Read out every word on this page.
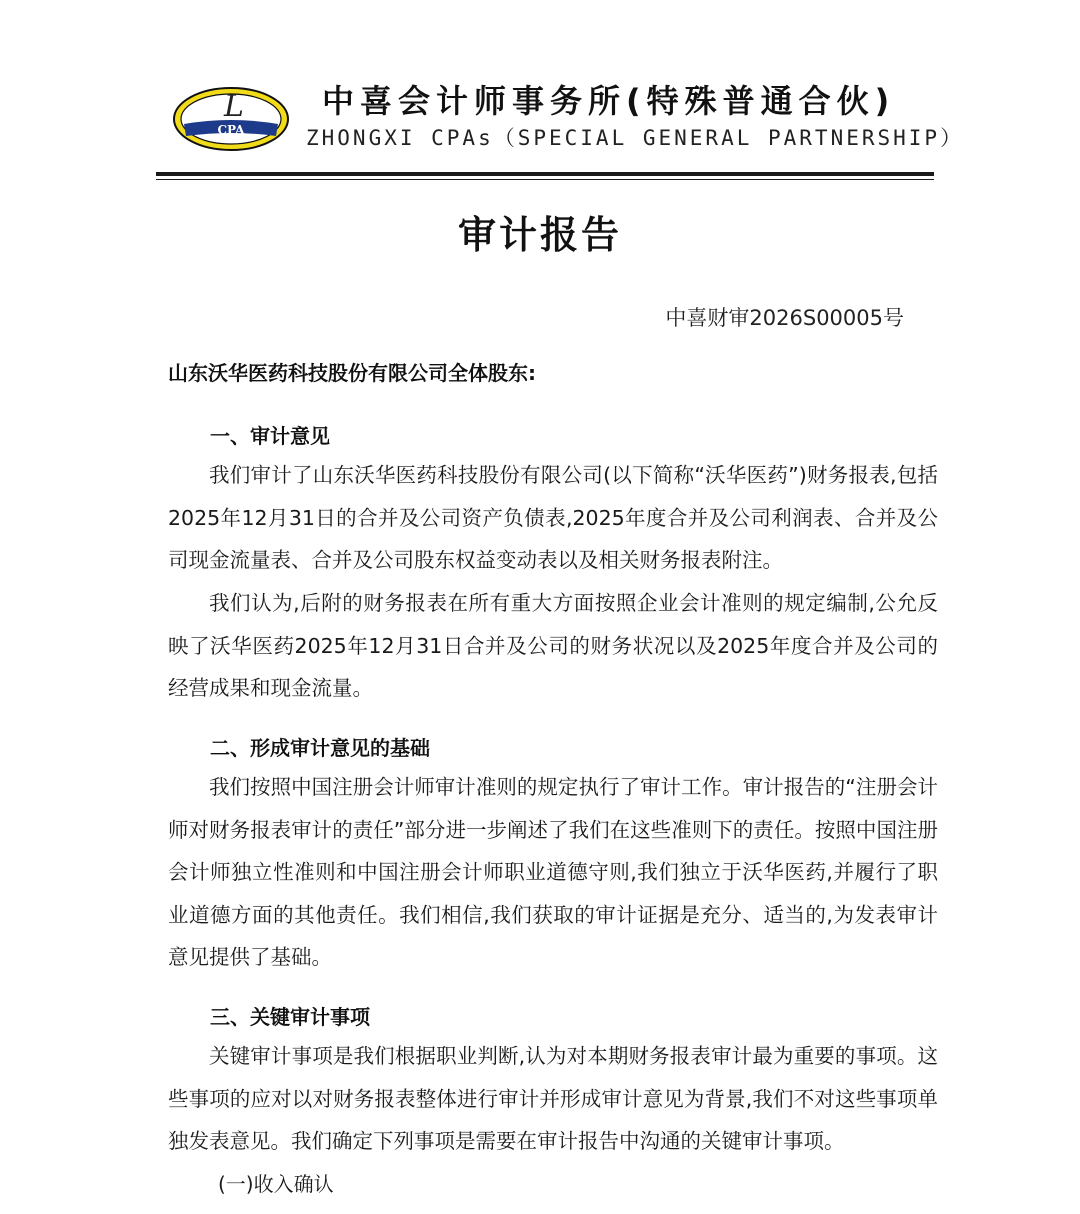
L
CPA
中喜会计师事务所(特殊普通合伙)
ZHONGXI CPAs（SPECIAL GENERAL PARTNERSHIP）
审计报告
中喜财审2026S00005号
山东沃华医药科技股份有限公司全体股东:
一、审计意见

我们审计了山东沃华医药科技股份有限公司(以下简称“沃华医药”)财务报表,包括2025年12月31日的合并及公司资产负债表,2025年度合并及公司利润表、合并及公司现金流量表、合并及公司股东权益变动表以及相关财务报表附注。

我们认为,后附的财务报表在所有重大方面按照企业会计准则的规定编制,公允反映了沃华医药2025年12月31日合并及公司的财务状况以及2025年度合并及公司的经营成果和现金流量。

二、形成审计意见的基础

我们按照中国注册会计师审计准则的规定执行了审计工作。审计报告的“注册会计师对财务报表审计的责任”部分进一步阐述了我们在这些准则下的责任。按照中国注册会计师独立性准则和中国注册会计师职业道德守则,我们独立于沃华医药,并履行了职业道德方面的其他责任。我们相信,我们获取的审计证据是充分、适当的,为发表审计意见提供了基础。

三、关键审计事项

关键审计事项是我们根据职业判断,认为对本期财务报表审计最为重要的事项。这些事项的应对以对财务报表整体进行审计并形成审计意见为背景,我们不对这些事项单独发表意见。我们确定下列事项是需要在审计报告中沟通的关键审计事项。

(一)收入确认
